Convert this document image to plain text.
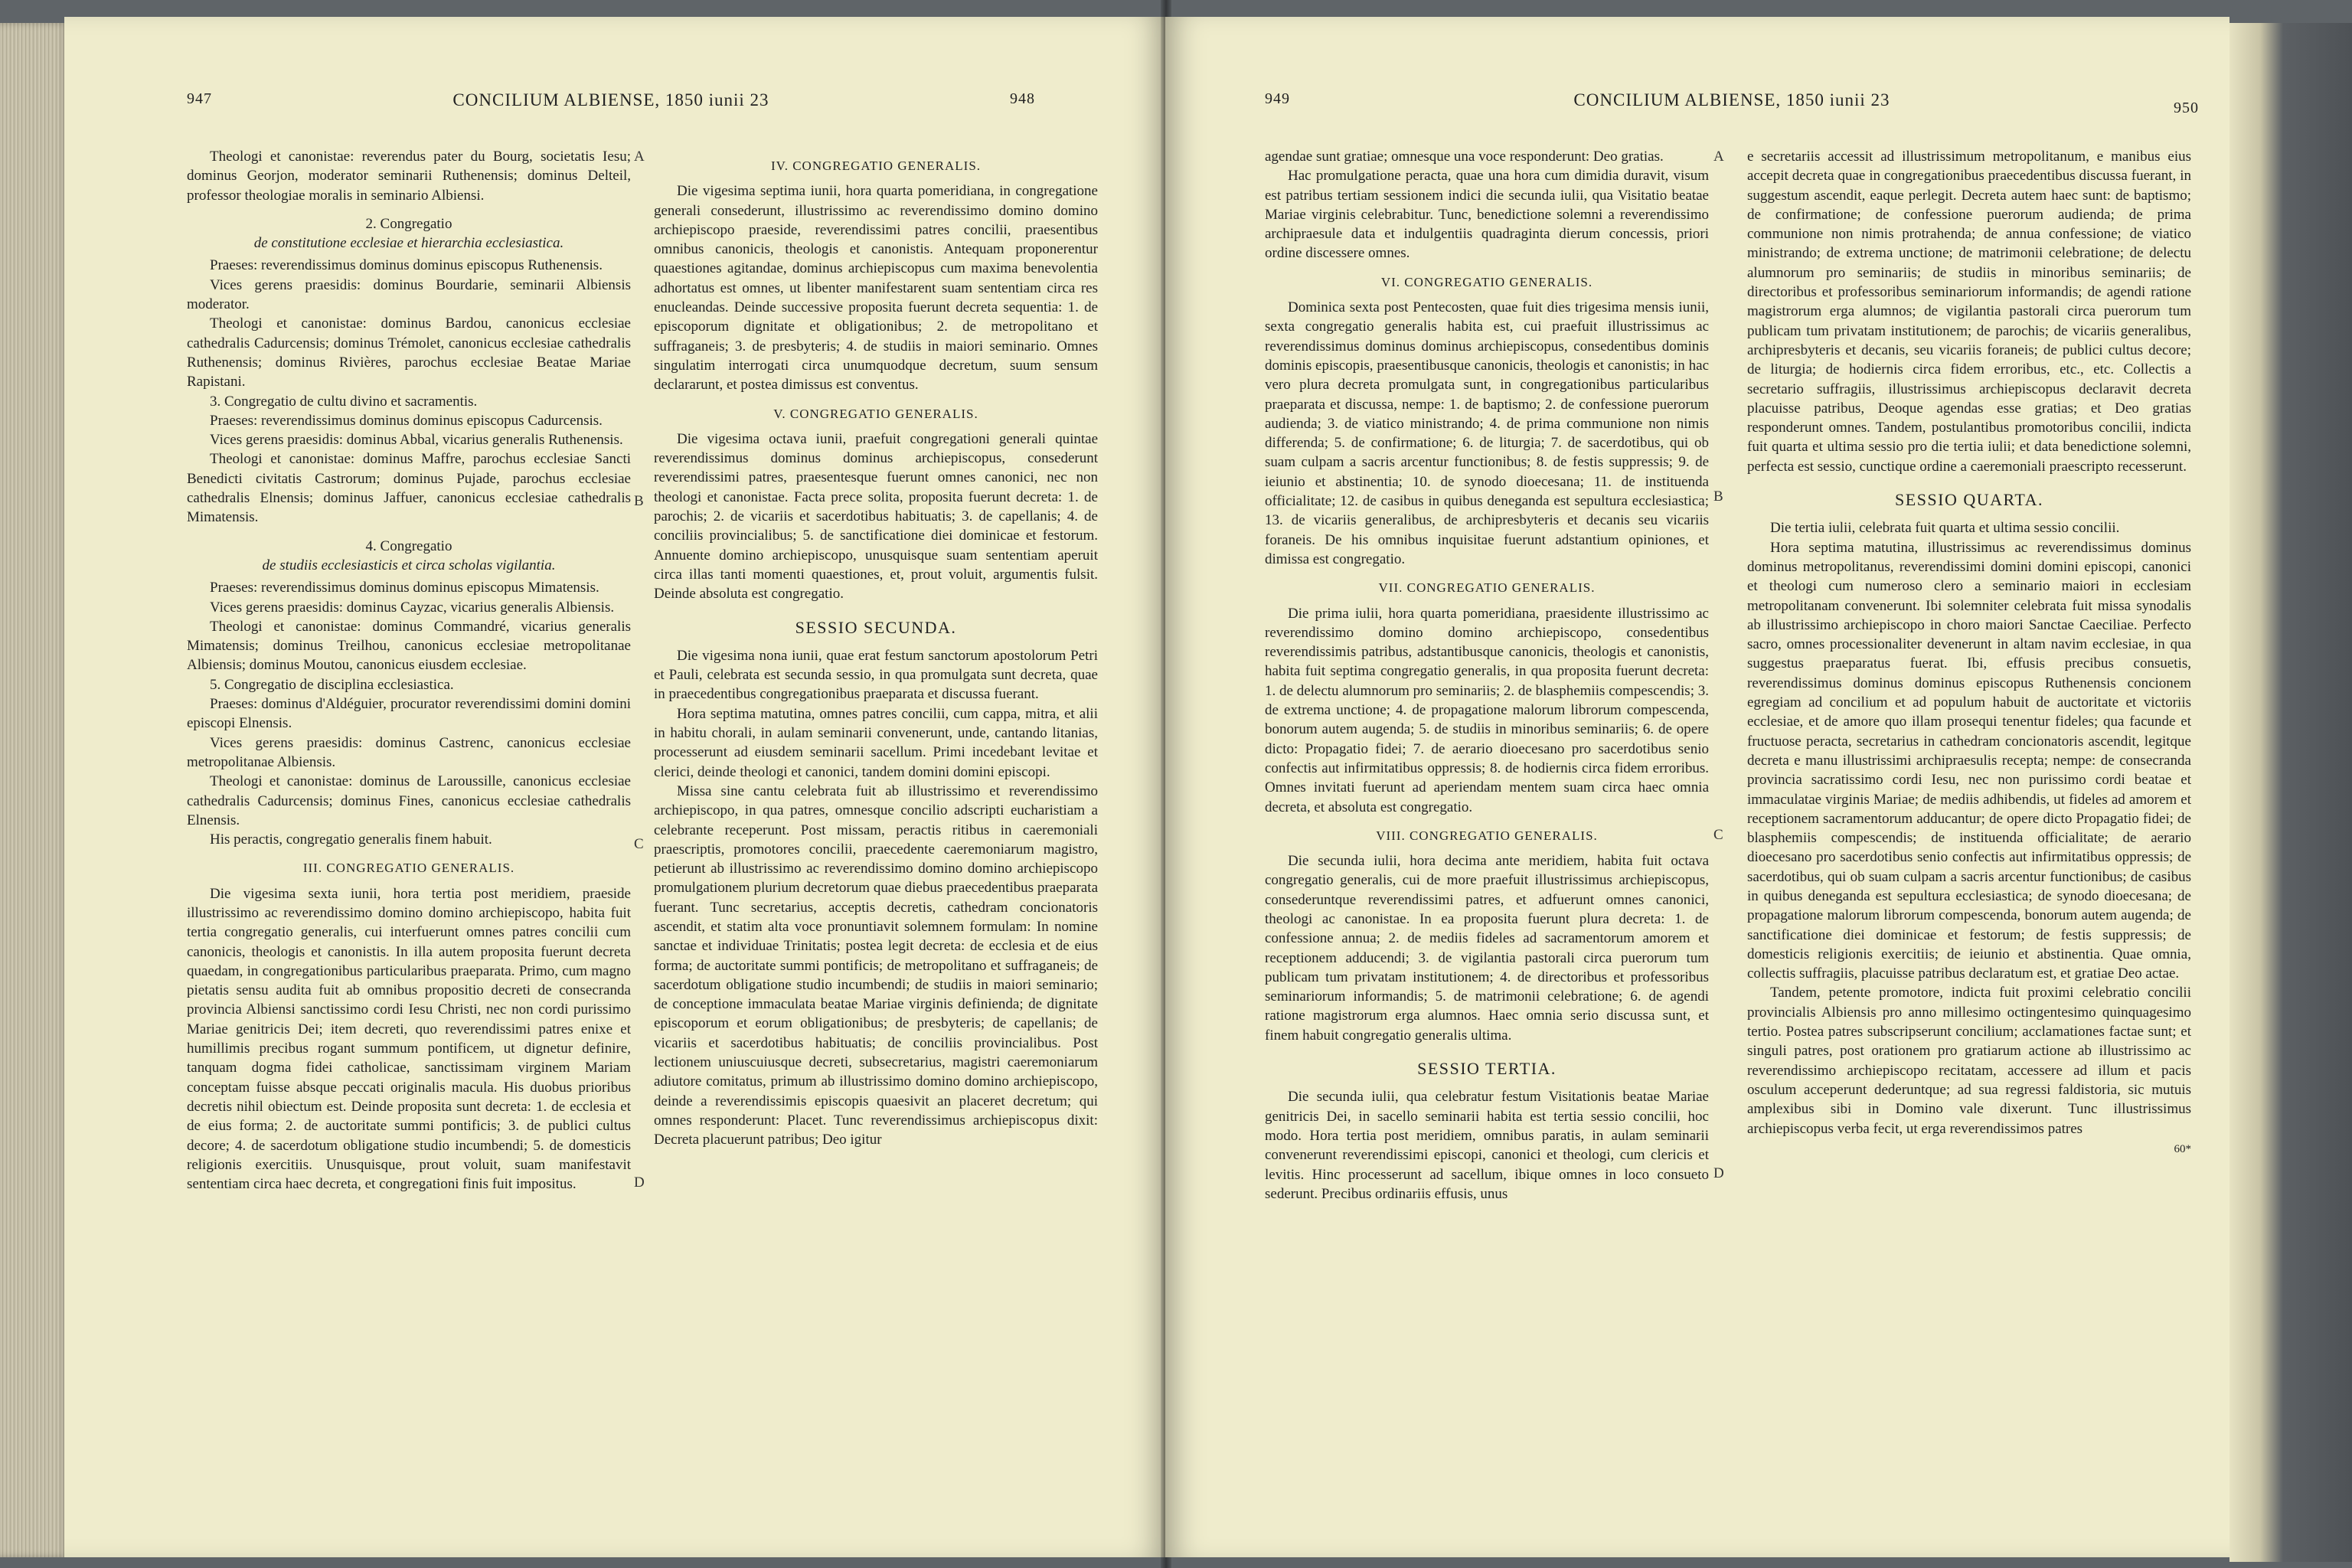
947	CONCILIUM ALBIENSE, 1850 iunii 23	948

Theologi et canonistae: reverendus pater du Bourg, societatis Iesu; dominus Georjon, moderator seminarii Ruthenensis; dominus Delteil, professor theologiae moralis in seminario Albiensi.

2. Congregatio

de constitutione ecclesiae et hierarchia ecclesiastica.

Praeses: reverendissimus dominus dominus episcopus Ruthenensis.

Vices gerens praesidis: dominus Bourdarie, seminarii Albiensis moderator.

Theologi et canonistae: dominus Bardou, canonicus ecclesiae cathedralis Cadurcensis; dominus Trémolet, canonicus ecclesiae cathedralis Ruthenensis; dominus Rivières, parochus ecclesiae Beatae Mariae Rapistani.

3. Congregatio de cultu divino et sacramentis.

Praeses: reverendissimus dominus dominus episcopus Cadurcensis.

Vices gerens praesidis: dominus Abbal, vicarius generalis Ruthenensis.

Theologi et canonistae: dominus Maffre, parochus ecclesiae Sancti Benedicti civitatis Castrorum; dominus Pujade, parochus ecclesiae cathedralis Elnensis; dominus Jaffuer, canonicus ecclesiae cathedralis Mimatensis.

4. Congregatio

de studiis ecclesiasticis et circa scholas vigilantia.

Praeses: reverendissimus dominus dominus episcopus Mimatensis.

Vices gerens praesidis: dominus Cayzac, vicarius generalis Albiensis.

Theologi et canonistae: dominus Commandré, vicarius generalis Mimatensis; dominus Treilhou, canonicus ecclesiae metropolitanae Albiensis; dominus Moutou, canonicus eiusdem ecclesiae.

5. Congregatio de disciplina ecclesiastica.

Praeses: dominus d'Aldéguier, procurator reverendissimi domini domini episcopi Elnensis.

Vices gerens praesidis: dominus Castrenc, canonicus ecclesiae metropolitanae Albiensis.

Theologi et canonistae: dominus de Laroussille, canonicus ecclesiae cathedralis Cadurcensis; dominus Fines, canonicus ecclesiae cathedralis Elnensis.

His peractis, congregatio generalis finem habuit.

III. CONGREGATIO GENERALIS.

Die vigesima sexta iunii, hora tertia post meridiem, praeside illustrissimo ac reverendissimo domino domino archiepiscopo, habita fuit tertia congregatio generalis, cui interfuerunt omnes patres concilii cum canonicis, theologis et canonistis. In illa autem proposita fuerunt decreta quaedam, in congregationibus particularibus praeparata. Primo, cum magno pietatis sensu audita fuit ab omnibus propositio decreti de consecranda provincia Albiensi sanctissimo cordi Iesu Christi, nec non cordi purissimo Mariae genitricis Dei; item decreti, quo reverendissimi patres enixe et humillimis precibus rogant summum pontificem, ut dignetur definire, tanquam dogma fidei catholicae, sanctissimam virginem Mariam conceptam fuisse absque peccati originalis macula. His duobus prioribus decretis nihil obiectum est. Deinde proposita sunt decreta: 1. de ecclesia et de eius forma; 2. de auctoritate summi pontificis; 3. de publici cultus decore; 4. de sacerdotum obligatione studio incumbendi; 5. de domesticis religionis exercitiis. Unusquisque, prout voluit, suam manifestavit sententiam circa haec decreta, et congregationi finis fuit impositus.

IV. CONGREGATIO GENERALIS.

Die vigesima septima iunii, hora quarta pomeridiana, in congregatione generali consederunt, illustrissimo ac reverendissimo domino domino archiepiscopo praeside, reverendissimi patres concilii, praesentibus omnibus canonicis, theologis et canonistis. Antequam proponerentur quaestiones agitandae, dominus archiepiscopus cum maxima benevolentia adhortatus est omnes, ut libenter manifestarent suam sententiam circa res enucleandas. Deinde successive proposita fuerunt decreta sequentia: 1. de episcoporum dignitate et obligationibus; 2. de metropolitano et suffraganeis; 3. de presbyteris; 4. de studiis in maiori seminario. Omnes singulatim interrogati circa unumquodque decretum, suum sensum declararunt, et postea dimissus est conventus.

V. CONGREGATIO GENERALIS.

Die vigesima octava iunii, praefuit congregationi generali quintae reverendissimus dominus dominus archiepiscopus, consederunt reverendissimi patres, praesentesque fuerunt omnes canonici, nec non theologi et canonistae. Facta prece solita, proposita fuerunt decreta: 1. de parochis; 2. de vicariis et sacerdotibus habituatis; 3. de capellanis; 4. de conciliis provincialibus; 5. de sanctificatione diei dominicae et festorum. Annuente domino archiepiscopo, unusquisque suam sententiam aperuit circa illas tanti momenti quaestiones, et, prout voluit, argumentis fulsit. Deinde absoluta est congregatio.

SESSIO SECUNDA.

Die vigesima nona iunii, quae erat festum sanctorum apostolorum Petri et Pauli, celebrata est secunda sessio, in qua promulgata sunt decreta, quae in praecedentibus congregationibus praeparata et discussa fuerant.

Hora septima matutina, omnes patres concilii, cum cappa, mitra, et alii in habitu chorali, in aulam seminarii convenerunt, unde, cantando litanias, processerunt ad eiusdem seminarii sacellum. Primi incedebant levitae et clerici, deinde theologi et canonici, tandem domini domini episcopi.

Missa sine cantu celebrata fuit ab illustrissimo et reverendissimo archiepiscopo, in qua patres, omnesque concilio adscripti eucharistiam a celebrante receperunt. Post missam, peractis ritibus in caeremoniali praescriptis, promotores concilii, praecedente caeremoniarum magistro, petierunt ab illustrissimo ac reverendissimo domino domino archiepiscopo promulgationem plurium decretorum quae diebus praecedentibus praeparata fuerant. Tunc secretarius, acceptis decretis, cathedram concionatoris ascendit, et statim alta voce pronuntiavit solemnem formulam: In nomine sanctae et individuae Trinitatis; postea legit decreta: de ecclesia et de eius forma; de auctoritate summi pontificis; de metropolitano et suffraganeis; de sacerdotum obligatione studio incumbendi; de studiis in maiori seminario; de conceptione immaculata beatae Mariae virginis definienda; de dignitate episcoporum et eorum obligationibus; de presbyteris; de capellanis; de vicariis et sacerdotibus habituatis; de conciliis provincialibus. Post lectionem uniuscuiusque decreti, subsecretarius, magistri caeremoniarum adiutore comitatus, primum ab illustrissimo domino domino archiepiscopo, deinde a reverendissimis episcopis quaesivit an placeret decretum; qui omnes responderunt: Placet. Tunc reverendissimus archiepiscopus dixit: Decreta placuerunt patribus; Deo igitur

A
B
C
D
949	CONCILIUM ALBIENSE, 1850 iunii 23	950

agendae sunt gratiae; omnesque una voce responderunt: Deo gratias.

Hac promulgatione peracta, quae una hora cum dimidia duravit, visum est patribus tertiam sessionem indici die secunda iulii, qua Visitatio beatae Mariae virginis celebrabitur. Tunc, benedictione solemni a reverendissimo archipraesule data et indulgentiis quadraginta dierum concessis, priori ordine discessere omnes.

VI. CONGREGATIO GENERALIS.

Dominica sexta post Pentecosten, quae fuit dies trigesima mensis iunii, sexta congregatio generalis habita est, cui praefuit illustrissimus ac reverendissimus dominus dominus archiepiscopus, consedentibus dominis dominis episcopis, praesentibusque canonicis, theologis et canonistis; in hac vero plura decreta promulgata sunt, in congregationibus particularibus praeparata et discussa, nempe: 1. de baptismo; 2. de confessione puerorum audienda; 3. de viatico ministrando; 4. de prima communione non nimis differenda; 5. de confirmatione; 6. de liturgia; 7. de sacerdotibus, qui ob suam culpam a sacris arcentur functionibus; 8. de festis suppressis; 9. de ieiunio et abstinentia; 10. de synodo dioecesana; 11. de instituenda officialitate; 12. de casibus in quibus deneganda est sepultura ecclesiastica; 13. de vicariis generalibus, de archipresbyteris et decanis seu vicariis foraneis. De his omnibus inquisitae fuerunt adstantium opiniones, et dimissa est congregatio.

VII. CONGREGATIO GENERALIS.

Die prima iulii, hora quarta pomeridiana, praesidente illustrissimo ac reverendissimo domino domino archiepiscopo, consedentibus reverendissimis patribus, adstantibusque canonicis, theologis et canonistis, habita fuit septima congregatio generalis, in qua proposita fuerunt decreta: 1. de delectu alumnorum pro seminariis; 2. de blasphemiis compescendis; 3. de extrema unctione; 4. de propagatione malorum librorum compescenda, bonorum autem augenda; 5. de studiis in minoribus seminariis; 6. de opere dicto: Propagatio fidei; 7. de aerario dioecesano pro sacerdotibus senio confectis aut infirmitatibus oppressis; 8. de hodiernis circa fidem erroribus. Omnes invitati fuerunt ad aperiendam mentem suam circa haec omnia decreta, et absoluta est congregatio.

VIII. CONGREGATIO GENERALIS.

Die secunda iulii, hora decima ante meridiem, habita fuit octava congregatio generalis, cui de more praefuit illustrissimus archiepiscopus, consederuntque reverendissimi patres, et adfuerunt omnes canonici, theologi ac canonistae. In ea proposita fuerunt plura decreta: 1. de confessione annua; 2. de mediis fideles ad sacramentorum amorem et receptionem adducendi; 3. de vigilantia pastorali circa puerorum tum publicam tum privatam institutionem; 4. de directoribus et professoribus seminariorum informandis; 5. de matrimonii celebratione; 6. de agendi ratione magistrorum erga alumnos. Haec omnia serio discussa sunt, et finem habuit congregatio generalis ultima.

SESSIO TERTIA.

Die secunda iulii, qua celebratur festum Visitationis beatae Mariae genitricis Dei, in sacello seminarii habita est tertia sessio concilii, hoc modo. Hora tertia post meridiem, omnibus paratis, in aulam seminarii convenerunt reverendissimi episcopi, canonici et theologi, cum clericis et levitis. Hinc processerunt ad sacellum, ibique omnes in loco consueto sederunt. Precibus ordinariis effusis, unus

e secretariis accessit ad illustrissimum metropolitanum, e manibus eius accepit decreta quae in congregationibus praecedentibus discussa fuerant, in suggestum ascendit, eaque perlegit. Decreta autem haec sunt: de baptismo; de confirmatione; de confessione puerorum audienda; de prima communione non nimis protrahenda; de annua confessione; de viatico ministrando; de extrema unctione; de matrimonii celebratione; de delectu alumnorum pro seminariis; de studiis in minoribus seminariis; de directoribus et professoribus seminariorum informandis; de agendi ratione magistrorum erga alumnos; de vigilantia pastorali circa puerorum tum publicam tum privatam institutionem; de parochis; de vicariis generalibus, archipresbyteris et decanis, seu vicariis foraneis; de publici cultus decore; de liturgia; de hodiernis circa fidem erroribus, etc., etc. Collectis a secretario suffragiis, illustrissimus archiepiscopus declaravit decreta placuisse patribus, Deoque agendas esse gratias; et Deo gratias responderunt omnes. Tandem, postulantibus promotoribus concilii, indicta fuit quarta et ultima sessio pro die tertia iulii; et data benedictione solemni, perfecta est sessio, cunctique ordine a caeremoniali praescripto recesserunt.

SESSIO QUARTA.

Die tertia iulii, celebrata fuit quarta et ultima sessio concilii.

Hora septima matutina, illustrissimus ac reverendissimus dominus dominus metropolitanus, reverendissimi domini domini episcopi, canonici et theologi cum numeroso clero a seminario maiori in ecclesiam metropolitanam convenerunt. Ibi solemniter celebrata fuit missa synodalis ab illustrissimo archiepiscopo in choro maiori Sanctae Caeciliae. Perfecto sacro, omnes processionaliter devenerunt in altam navim ecclesiae, in qua suggestus praeparatus fuerat. Ibi, effusis precibus consuetis, reverendissimus dominus dominus episcopus Ruthenensis concionem egregiam ad concilium et ad populum habuit de auctoritate et victoriis ecclesiae, et de amore quo illam prosequi tenentur fideles; qua facunde et fructuose peracta, secretarius in cathedram concionatoris ascendit, legitque decreta e manu illustrissimi archipraesulis recepta; nempe: de consecranda provincia sacratissimo cordi Iesu, nec non purissimo cordi beatae et immaculatae virginis Mariae; de mediis adhibendis, ut fideles ad amorem et receptionem sacramentorum adducantur; de opere dicto Propagatio fidei; de blasphemiis compescendis; de instituenda officialitate; de aerario dioecesano pro sacerdotibus senio confectis aut infirmitatibus oppressis; de sacerdotibus, qui ob suam culpam a sacris arcentur functionibus; de casibus in quibus deneganda est sepultura ecclesiastica; de synodo dioecesana; de propagatione malorum librorum compescenda, bonorum autem augenda; de sanctificatione diei dominicae et festorum; de festis suppressis; de domesticis religionis exercitiis; de ieiunio et abstinentia. Quae omnia, collectis suffragiis, placuisse patribus declaratum est, et gratiae Deo actae.

Tandem, petente promotore, indicta fuit proximi celebratio concilii provincialis Albiensis pro anno millesimo octingentesimo quinquagesimo tertio. Postea patres subscripserunt concilium; acclamationes factae sunt; et singuli patres, post orationem pro gratiarum actione ab illustrissimo ac reverendissimo archiepiscopo recitatam, accessere ad illum et pacis osculum acceperunt dederuntque; ad sua regressi faldistoria, sic mutuis amplexibus sibi in Domino vale dixerunt. Tunc illustrissimus archiepiscopus verba fecit, ut erga reverendissimos patres

60*

A
B
C
D
